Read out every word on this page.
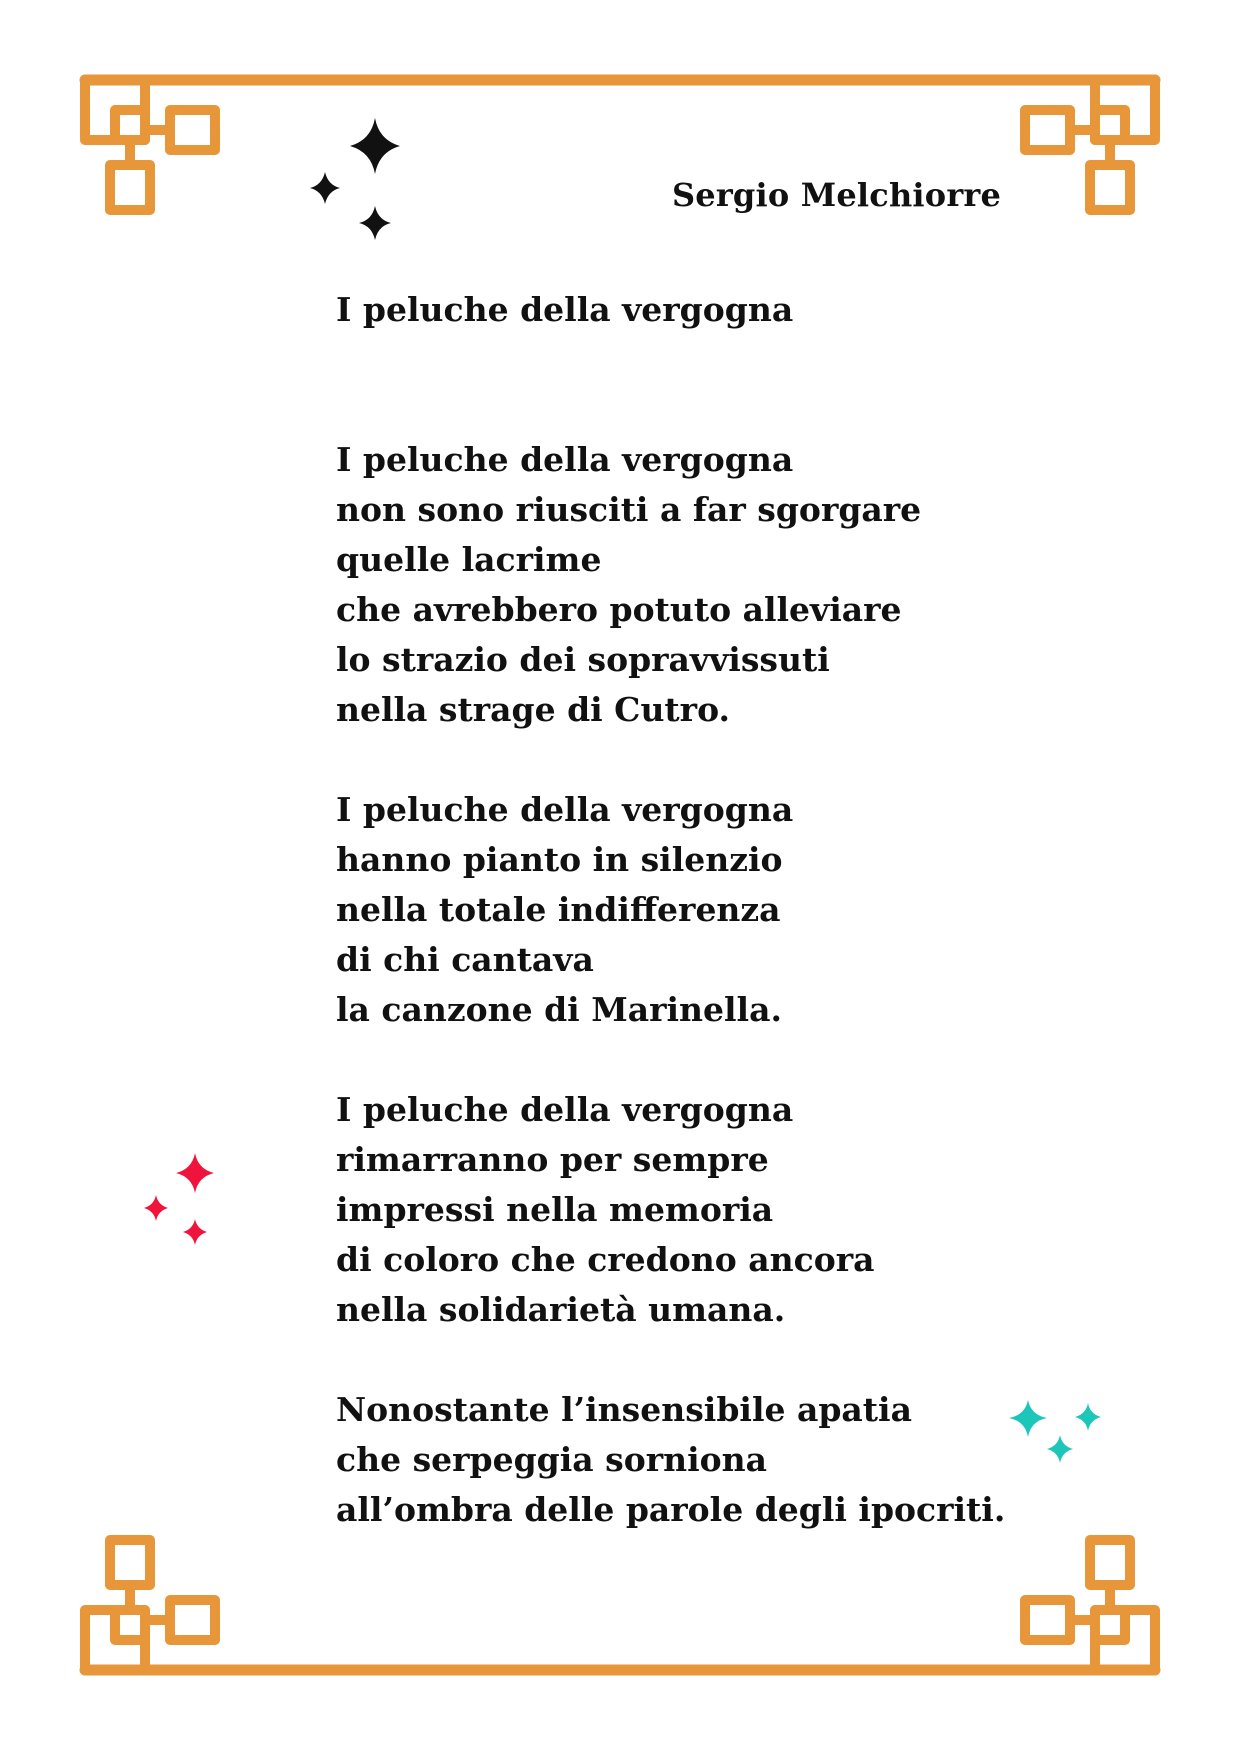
Sergio Melchiorre
I peluche della vergogna
I peluche della vergogna
non sono riusciti a far sgorgare
quelle lacrime
che avrebbero potuto alleviare
lo strazio dei sopravvissuti
nella strage di Cutro.
I peluche della vergogna
hanno pianto in silenzio
nella totale indifferenza
di chi cantava
la canzone di Marinella.
I peluche della vergogna
rimarranno per sempre
impressi nella memoria
di coloro che credono ancora
nella solidarietà umana.
Nonostante l’insensibile apatia
che serpeggia sorniona
all’ombra delle parole degli ipocriti.
